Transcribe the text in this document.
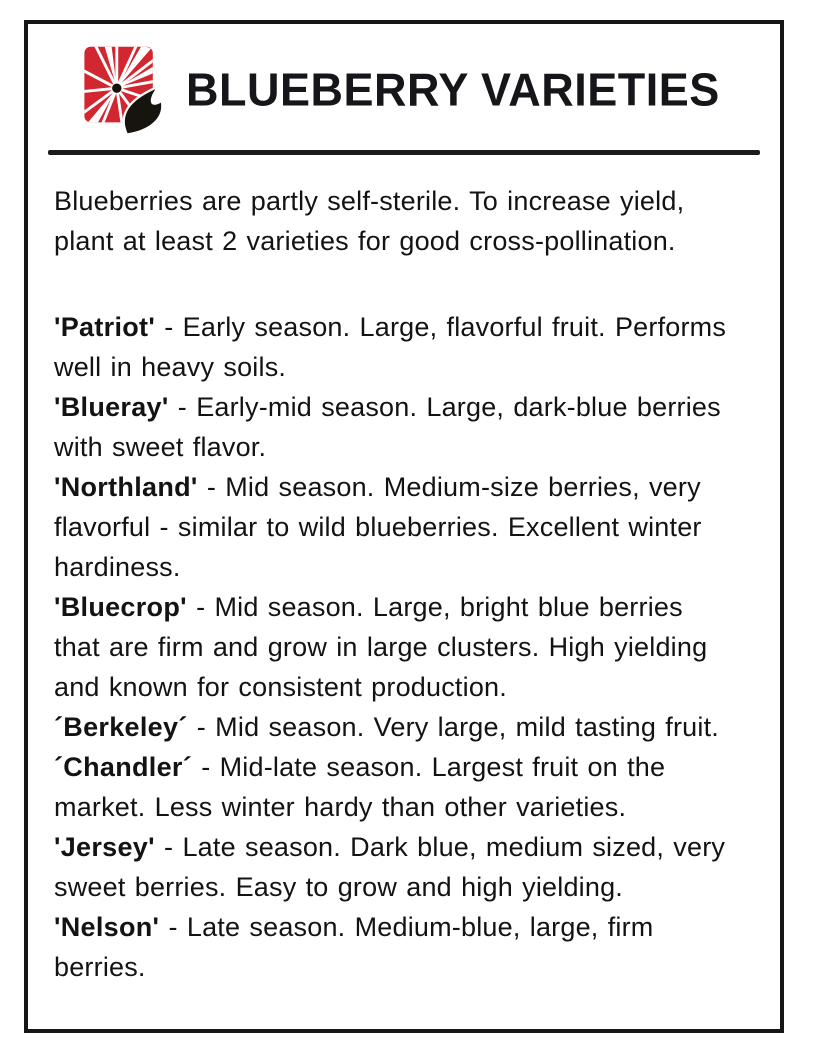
BLUEBERRY VARIETIES

Blueberries are partly self-sterile. To increase yield, plant at least 2 varieties for good cross-pollination.

'Patriot' - Early season. Large, flavorful fruit. Performs well in heavy soils.

'Blueray' - Early-mid season. Large, dark-blue berries with sweet flavor.

'Northland' - Mid season. Medium-size berries, very flavorful - similar to wild blueberries. Excellent winter hardiness.

'Bluecrop' - Mid season. Large, bright blue berries that are firm and grow in large clusters. High yielding and known for consistent production.

´Berkeley´ - Mid season. Very large, mild tasting fruit.

´Chandler´ - Mid-late season. Largest fruit on the market. Less winter hardy than other varieties.

'Jersey' - Late season. Dark blue, medium sized, very sweet berries. Easy to grow and high yielding.

'Nelson' - Late season. Medium-blue, large, firm berries.
